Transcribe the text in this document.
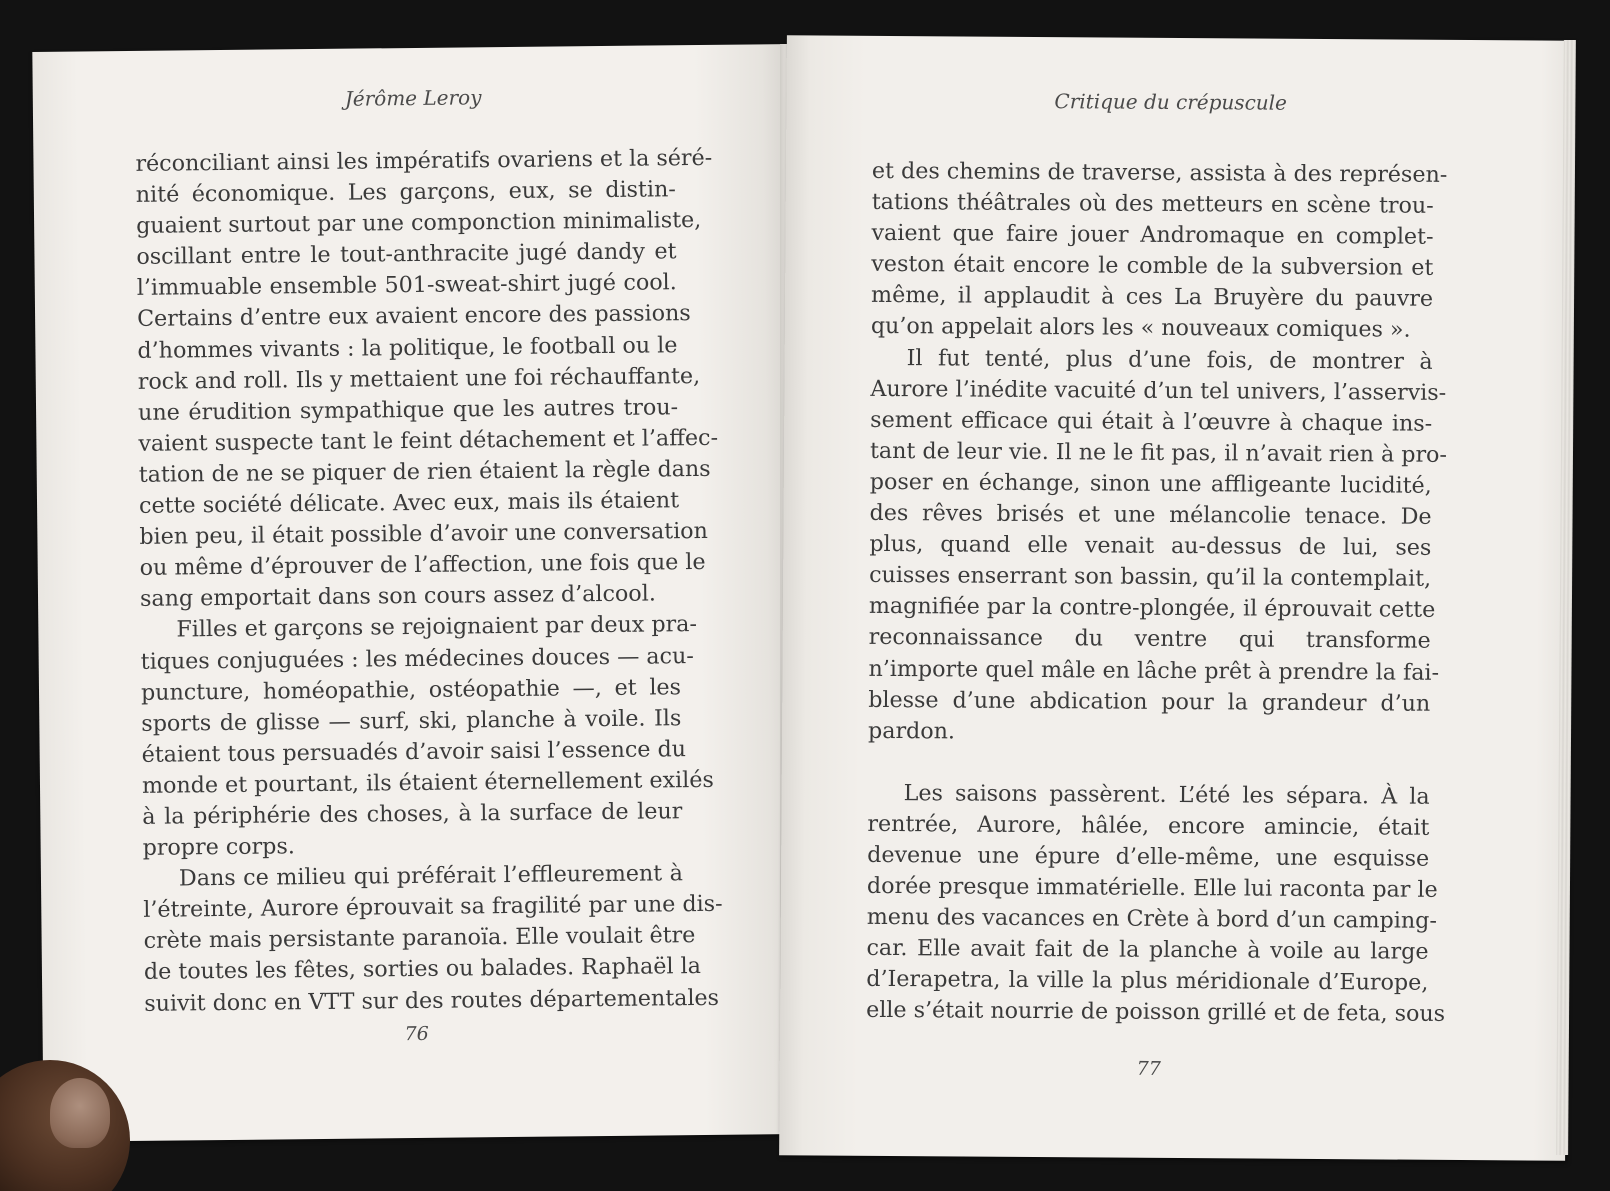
Jérôme Leroy
réconciliant ainsi les impératifs ovariens et la séré-
nité économique. Les garçons, eux, se distin-
guaient surtout par une componction minimaliste,
oscillant entre le tout-anthracite jugé dandy et
l’immuable ensemble 501-sweat-shirt jugé cool.
Certains d’entre eux avaient encore des passions
d’hommes vivants : la politique, le football ou le
rock and roll. Ils y mettaient une foi réchauffante,
une érudition sympathique que les autres trou-
vaient suspecte tant le feint détachement et l’affec-
tation de ne se piquer de rien étaient la règle dans
cette société délicate. Avec eux, mais ils étaient
bien peu, il était possible d’avoir une conversation
ou même d’éprouver de l’affection, une fois que le
sang emportait dans son cours assez d’alcool.
Filles et garçons se rejoignaient par deux pra-
tiques conjuguées : les médecines douces — acu-
puncture, homéopathie, ostéopathie —, et les
sports de glisse — surf, ski, planche à voile. Ils
étaient tous persuadés d’avoir saisi l’essence du
monde et pourtant, ils étaient éternellement exilés
à la périphérie des choses, à la surface de leur
propre corps.
Dans ce milieu qui préférait l’effleurement à
l’étreinte, Aurore éprouvait sa fragilité par une dis-
crète mais persistante paranoïa. Elle voulait être
de toutes les fêtes, sorties ou balades. Raphaël la
suivit donc en VTT sur des routes départementales
76
Critique du crépuscule
et des chemins de traverse, assista à des représen-
tations théâtrales où des metteurs en scène trou-
vaient que faire jouer Andromaque en complet-
veston était encore le comble de la subversion et
même, il applaudit à ces La Bruyère du pauvre
qu’on appelait alors les « nouveaux comiques ».
Il fut tenté, plus d’une fois, de montrer à
Aurore l’inédite vacuité d’un tel univers, l’asservis-
sement efficace qui était à l’œuvre à chaque ins-
tant de leur vie. Il ne le fit pas, il n’avait rien à pro-
poser en échange, sinon une affligeante lucidité,
des rêves brisés et une mélancolie tenace. De
plus, quand elle venait au-dessus de lui, ses
cuisses enserrant son bassin, qu’il la contemplait,
magnifiée par la contre-plongée, il éprouvait cette
reconnaissance du ventre qui transforme
n’importe quel mâle en lâche prêt à prendre la fai-
blesse d’une abdication pour la grandeur d’un
pardon.
Les saisons passèrent. L’été les sépara. À la
rentrée, Aurore, hâlée, encore amincie, était
devenue une épure d’elle-même, une esquisse
dorée presque immatérielle. Elle lui raconta par le
menu des vacances en Crète à bord d’un camping-
car. Elle avait fait de la planche à voile au large
d’Ierapetra, la ville la plus méridionale d’Europe,
elle s’était nourrie de poisson grillé et de feta, sous
77
